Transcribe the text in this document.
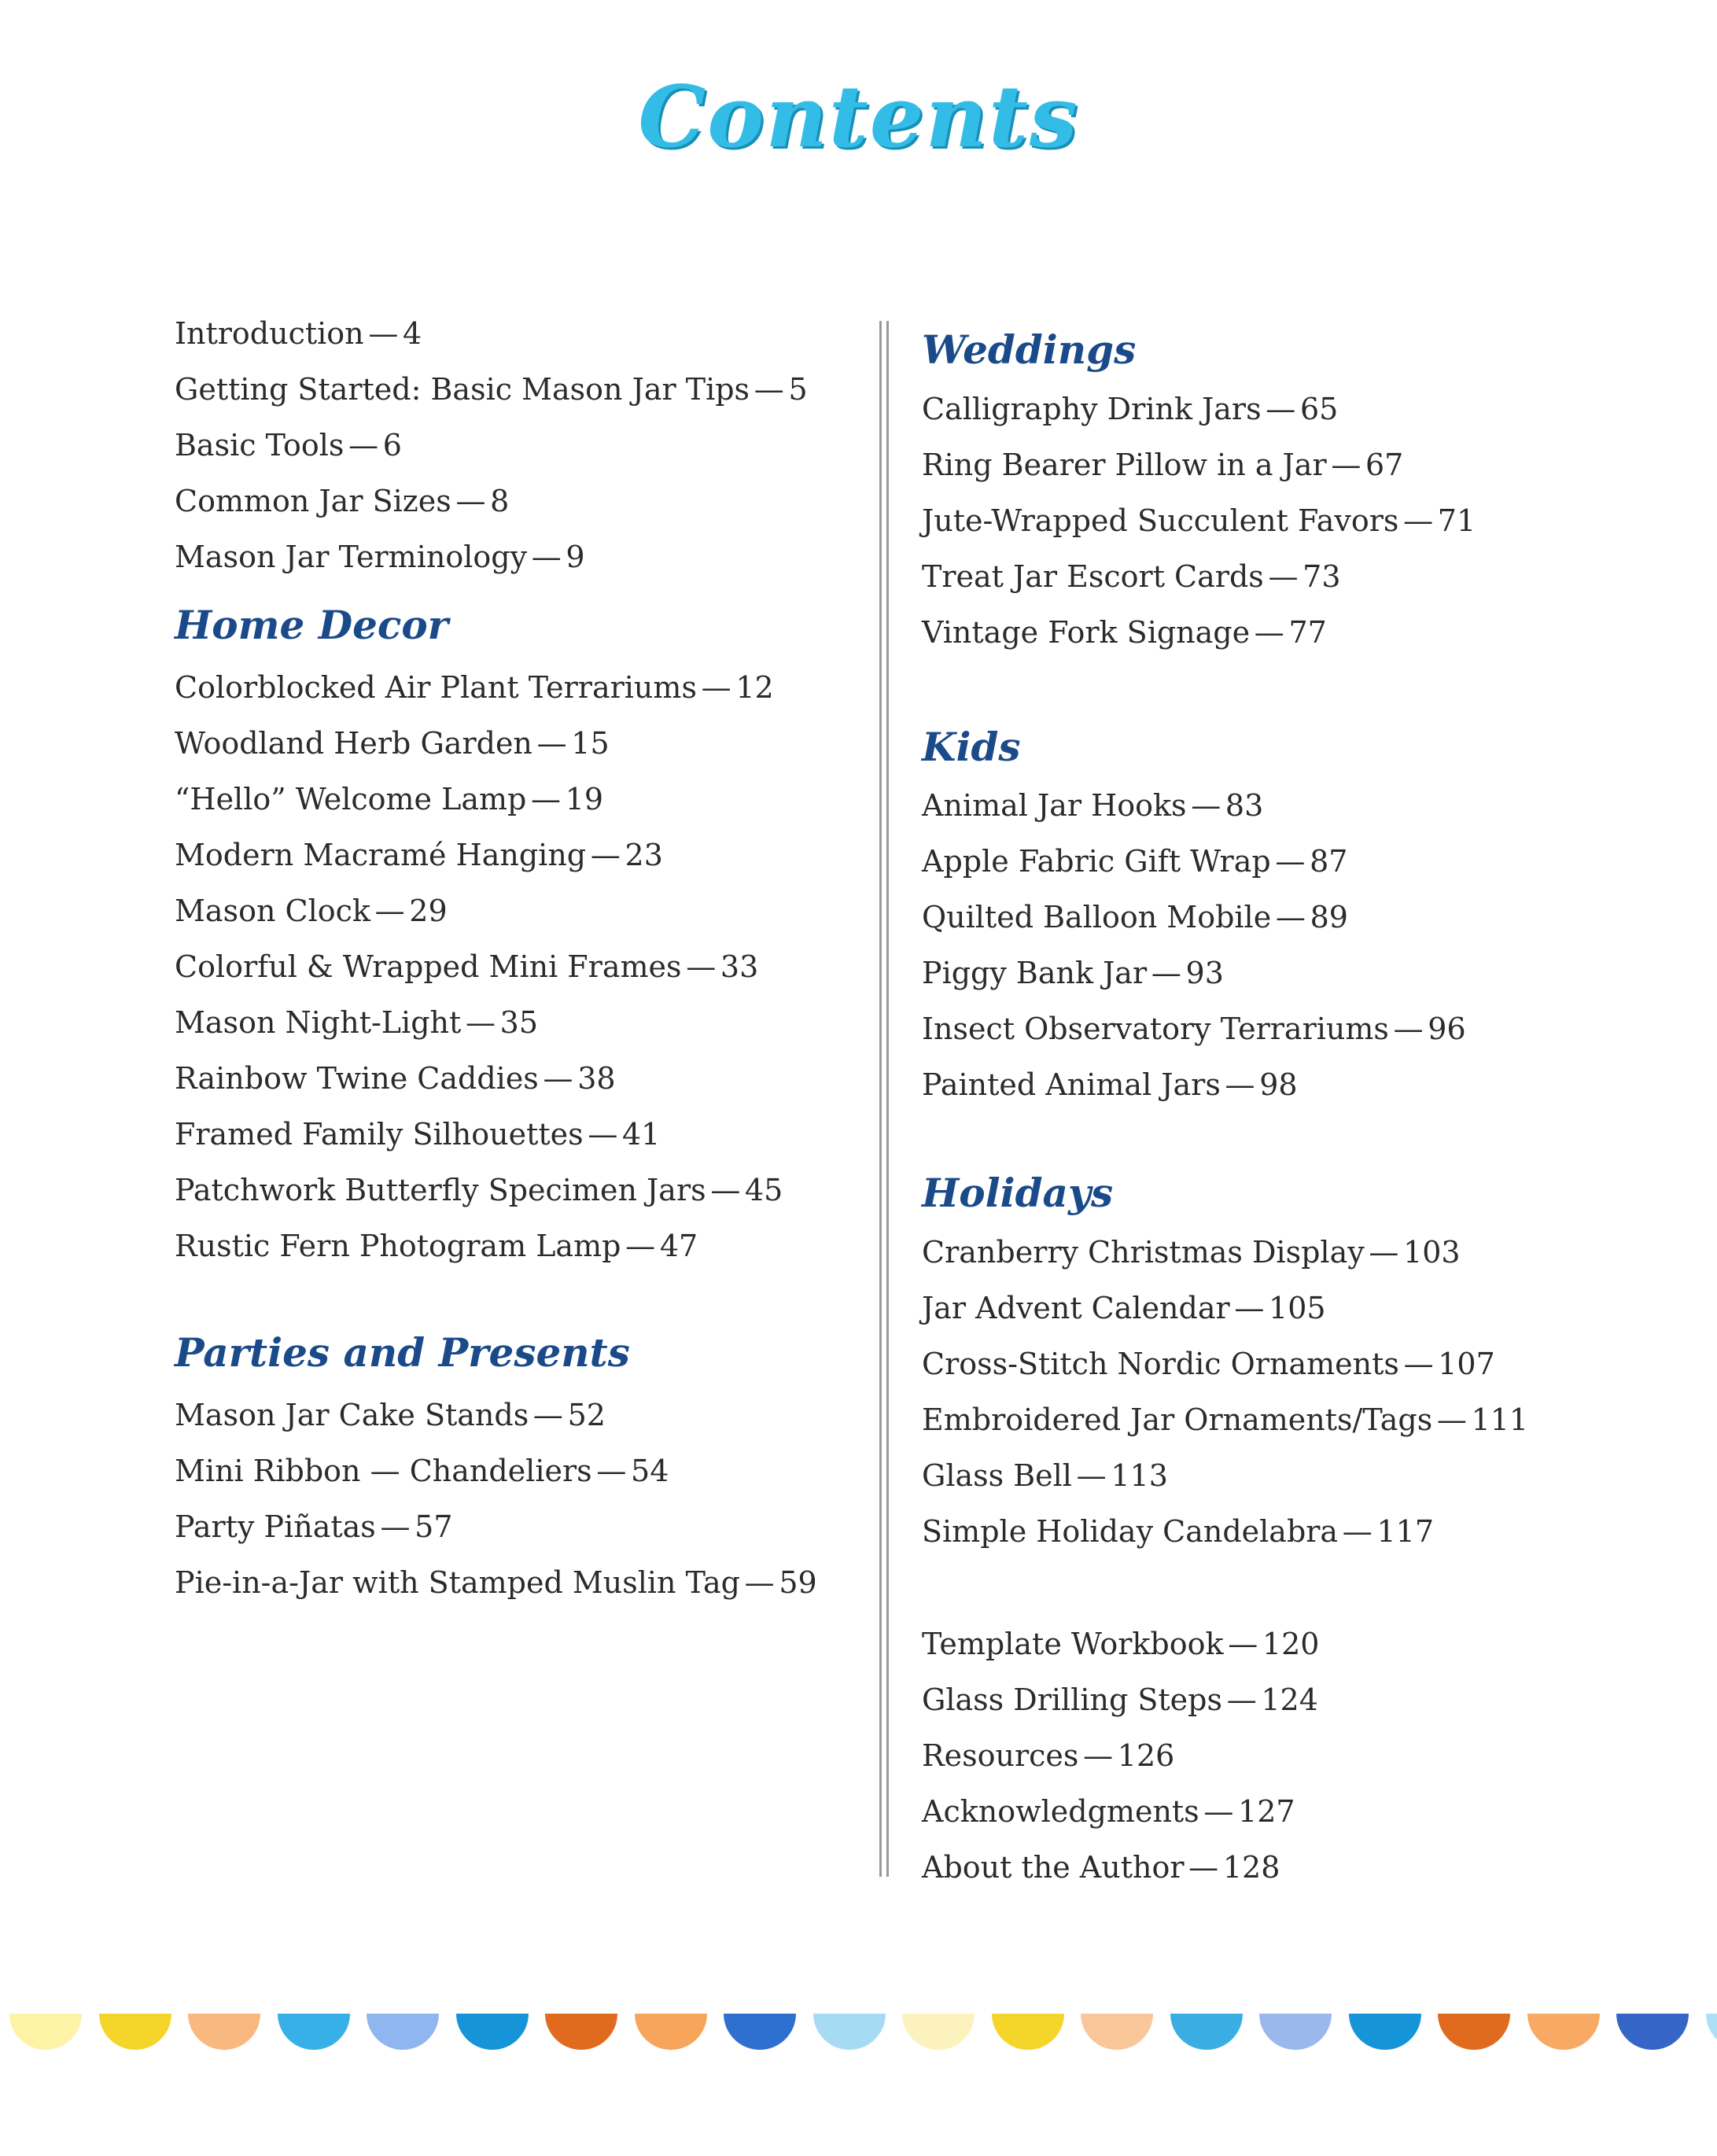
Contents
Introduction — 4
Getting Started: Basic Mason Jar Tips — 5
Basic Tools — 6
Common Jar Sizes — 8
Mason Jar Terminology — 9
Home Decor
Colorblocked Air Plant Terrariums — 12
Woodland Herb Garden — 15
“Hello” Welcome Lamp — 19
Modern Macramé Hanging — 23
Mason Clock — 29
Colorful & Wrapped Mini Frames — 33
Mason Night-Light — 35
Rainbow Twine Caddies — 38
Framed Family Silhouettes — 41
Patchwork Butterfly Specimen Jars — 45
Rustic Fern Photogram Lamp — 47
Parties and Presents
Mason Jar Cake Stands — 52
Mini Ribbon — Chandeliers — 54
Party Piñatas — 57
Pie-in-a-Jar with Stamped Muslin Tag — 59
Weddings
Calligraphy Drink Jars — 65
Ring Bearer Pillow in a Jar — 67
Jute-Wrapped Succulent Favors — 71
Treat Jar Escort Cards — 73
Vintage Fork Signage — 77
Kids
Animal Jar Hooks — 83
Apple Fabric Gift Wrap — 87
Quilted Balloon Mobile — 89
Piggy Bank Jar — 93
Insect Observatory Terrariums — 96
Painted Animal Jars — 98
Holidays
Cranberry Christmas Display — 103
Jar Advent Calendar — 105
Cross-Stitch Nordic Ornaments — 107
Embroidered Jar Ornaments/Tags — 111
Glass Bell — 113
Simple Holiday Candelabra — 117
Template Workbook — 120
Glass Drilling Steps — 124
Resources — 126
Acknowledgments — 127
About the Author — 128
